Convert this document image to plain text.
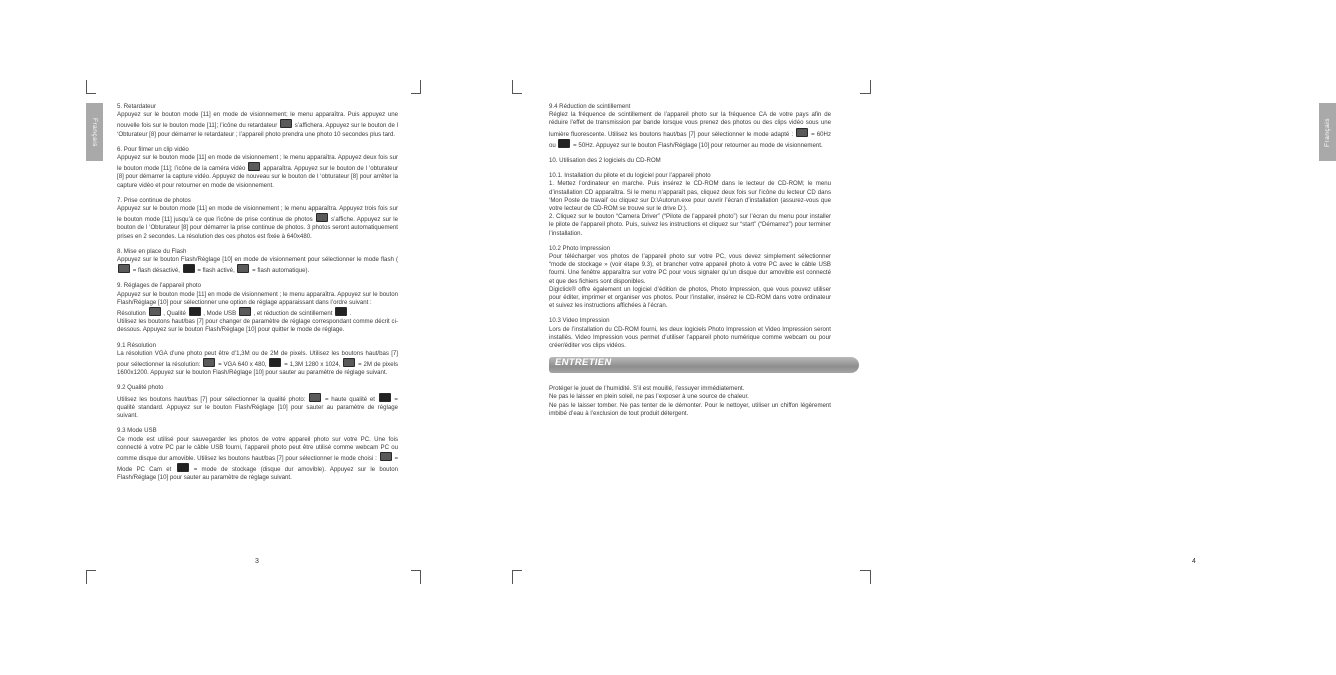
Français

5. Retardateur

Appuyez sur le bouton mode [11] en mode de visionnement; le menu apparaîtra. Puis appuyez une nouvelle fois sur le bouton mode [11]; l’icône du retardateur  s’affichera. Appuyez sur le bouton de l ‘Obturateur [8] pour démarrer le retardateur ; l’appareil photo prendra une photo 10 secondes plus tard.

6. Pour filmer un clip vidéo

Appuyez sur le bouton mode [11] en mode de visionnement ; le menu apparaîtra. Appuyez deux fois sur le bouton mode [11]; l’icône de la caméra vidéo  apparaîtra. Appuyez sur le bouton de l ‘obturateur [8] pour démarrer la capture vidéo. Appuyez de nouveau sur le bouton de l ‘obturateur [8] pour arrêter la capture vidéo et pour retourner en mode de visionnement.

7. Prise continue de photos

Appuyez sur le bouton mode [11] en mode de visionnement ; le menu apparaîtra. Appuyez trois fois sur le bouton mode [11] jusqu’à ce que l’icône de prise continue de photos  s’affiche. Appuyez sur le bouton de l ‘Obturateur [8] pour démarrer la prise continue de photos. 3 photos seront automatiquement prises en 2 secondes. La résolution des ces photos est fixée à 640x480.

8. Mise en place du Flash

Appuyez sur le bouton Flash/Réglage [10] en mode de visionnement pour sélectionner le mode flash (  = flash désactivé,  = flash activé,  = flash automatique).

9. Réglages de l’appareil photo

Appuyez sur le bouton mode [11] en mode de visionnement ; le menu apparaîtra. Appuyez sur le bouton Flash/Réglage [10] pour sélectionner une option de réglage apparaissant dans l’ordre suivant :

Résolution  , Qualité  , Mode USB  , et réduction de scintillement  .

Utilisez les boutons haut/bas [7] pour changer de paramètre de réglage correspondant comme décrit ci-dessous. Appuyez sur le bouton Flash/Réglage [10] pour quitter le mode de réglage.

9.1 Résolution

La résolution VGA d’une photo peut être d’1,3M ou de 2M de pixels. Utilisez les boutons haut/bas [7] pour sélectionner la résolution:  = VGA 640 x 480,  = 1,3M 1280 x 1024,  = 2M de pixels 1600x1200. Appuyez sur le bouton Flash/Réglage [10] pour sauter au paramètre de réglage suivant.

9.2 Qualité photo

Utilisez les boutons haut/bas [7] pour sélectionner la qualité photo:  = haute qualité et  = qualité standard. Appuyez sur le bouton Flash/Réglage [10] pour sauter au paramètre de réglage suivant.

9.3 Mode USB

Ce mode est utilisé pour sauvegarder les photos de votre appareil photo sur votre PC. Une fois connecté à votre PC par le câble USB fourni, l’appareil photo peut être utilisé comme webcam PC ou comme disque dur amovible. Utilisez les boutons haut/bas [7] pour sélectionner le mode choisi :  = Mode PC Cam et  = mode de stockage (disque dur amovible). Appuyez sur le bouton Flash/Réglage [10] pour sauter au paramètre de réglage suivant.

3
Français
4

9.4 Réduction de scintillement

Réglez la fréquence de scintillement de l’appareil photo sur la fréquence CA de votre pays afin de réduire l’effet de transmission par bande lorsque vous prenez des photos ou des clips vidéo sous une lumière fluorescente. Utilisez les boutons haut/bas [7] pour sélectionner le mode adapté :  = 60Hz ou  = 50Hz. Appuyez sur le bouton Flash/Réglage [10] pour retourner au mode de visionnement.

10. Utilisation des 2 logiciels du CD-ROM

10.1. Installation du pilote et du logiciel pour l’appareil photo

1. Mettez l’ordinateur en marche. Puis insérez le CD-ROM dans le lecteur de CD-ROM; le menu d’installation CD apparaîtra. Si le menu n’apparaît pas, cliquez deux fois sur l’icône du lecteur CD dans ‘Mon Poste de travail’ ou cliquez sur D:\Autorun.exe pour ouvrir l’écran d’installation (assurez-vous que votre lecteur de CD-ROM se trouve sur le drive D:).

2. Cliquez sur le bouton “Camera Driver” (“Pilote de l’appareil photo”) sur l’écran du menu pour installer le pilote de l’appareil photo. Puis, suivez les instructions et cliquez sur “start” (“Démarrez”) pour terminer l’installation.

10.2 Photo Impression

Pour télécharger vos photos de l’appareil photo sur votre PC, vous devez simplement sélectionner “mode de stockage » (voir étape 9.3), et brancher votre appareil photo à votre PC avec le câble USB fourni. Une fenêtre apparaîtra sur votre PC pour vous signaler qu’un disque dur amovible est connecté et que des fichiers sont disponibles.

Digiclick® offre également un logiciel d’édition de photos, Photo Impression, que vous pouvez utiliser pour éditer, imprimer et organiser vos photos. Pour l’installer, insérez le CD-ROM dans votre ordinateur et suivez les instructions affichées à l’écran.

10.3 Video Impression

Lors de l’installation du CD-ROM fourni, les deux logiciels Photo Impression et Video Impression seront installés. Video Impression vous permet d’utiliser l’appareil photo numérique comme webcam ou pour créer/éditer vos clips vidéos.

ENTRETIEN

Protéger le jouet de l’humidité. S’il est mouillé, l’essuyer immédiatement.

Ne pas le laisser en plein soleil, ne pas l’exposer à une source de chaleur.

Ne pas le laisser tomber. Ne pas tenter de le démonter. Pour le nettoyer, utiliser un chiffon légèrement imbibé d’eau à l’exclusion de tout produit détergent.
